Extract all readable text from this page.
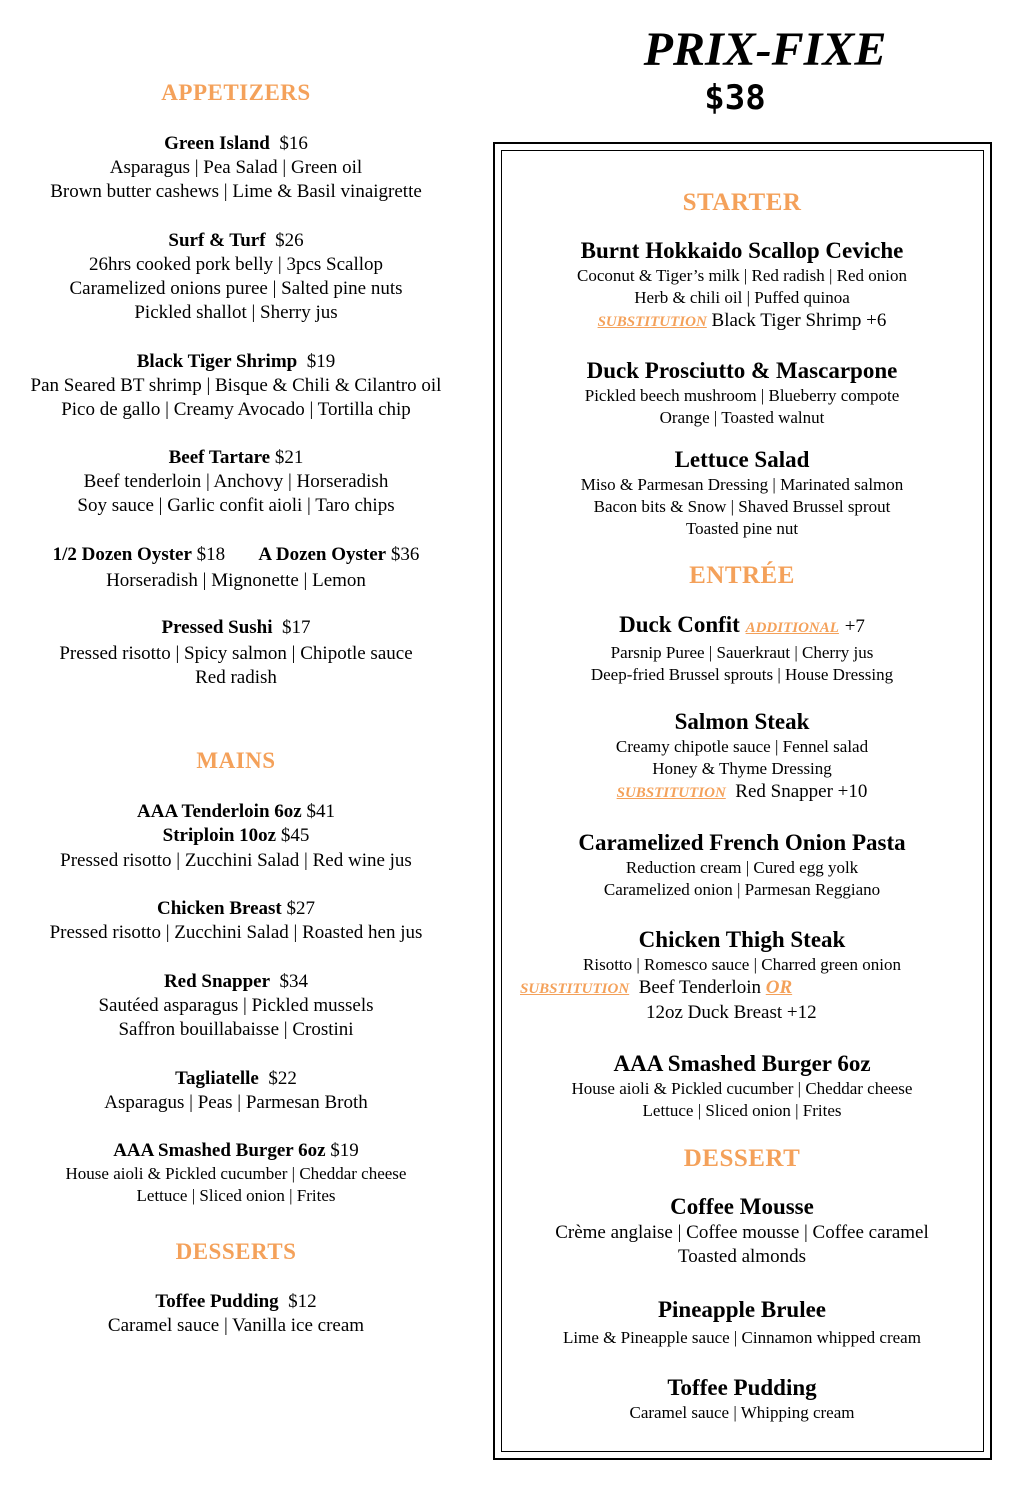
PRIX-FIXE
$38
APPETIZERS
Green Island $16
Asparagus | Pea Salad | Green oil
Brown butter cashews | Lime & Basil vinaigrette
Surf & Turf $26
26hrs cooked pork belly | 3pcs Scallop
Caramelized onions puree | Salted pine nuts
Pickled shallot | Sherry jus
Black Tiger Shrimp $19
Pan Seared BT shrimp | Bisque & Chili & Cilantro oil
Pico de gallo | Creamy Avocado | Tortilla chip
Beef Tartare $21
Beef tenderloin | Anchovy | Horseradish
Soy sauce | Garlic confit aioli | Taro chips
1/2 Dozen Oyster $18 A Dozen Oyster $36
Horseradish | Mignonette | Lemon
Pressed Sushi $17
Pressed risotto | Spicy salmon | Chipotle sauce
Red radish
MAINS
AAA Tenderloin 6oz $41
Striploin 10oz $45
Pressed risotto | Zucchini Salad | Red wine jus
Chicken Breast $27
Pressed risotto | Zucchini Salad | Roasted hen jus
Red Snapper $34
Sautéed asparagus | Pickled mussels
Saffron bouillabaisse | Crostini
Tagliatelle $22
Asparagus | Peas | Parmesan Broth
AAA Smashed Burger 6oz $19
House aioli & Pickled cucumber | Cheddar cheese
Lettuce | Sliced onion | Frites
DESSERTS
Toffee Pudding $12
Caramel sauce | Vanilla ice cream
STARTER
Burnt Hokkaido Scallop Ceviche
Coconut & Tiger’s milk | Red radish | Red onion
Herb & chili oil | Puffed quinoa
SUBSTITUTION Black Tiger Shrimp +6
Duck Prosciutto & Mascarpone
Pickled beech mushroom | Blueberry compote
Orange | Toasted walnut
Lettuce Salad
Miso & Parmesan Dressing | Marinated salmon
Bacon bits & Snow | Shaved Brussel sprout
Toasted pine nut
ENTRÉE
Duck Confit ADDITIONAL +7
Parsnip Puree | Sauerkraut | Cherry jus
Deep-fried Brussel sprouts | House Dressing
Salmon Steak
Creamy chipotle sauce | Fennel salad
Honey & Thyme Dressing
SUBSTITUTION Red Snapper +10
Caramelized French Onion Pasta
Reduction cream | Cured egg yolk
Caramelized onion | Parmesan Reggiano
Chicken Thigh Steak
Risotto | Romesco sauce | Charred green onion
SUBSTITUTION Beef Tenderloin OR
12oz Duck Breast +12
AAA Smashed Burger 6oz
House aioli & Pickled cucumber | Cheddar cheese
Lettuce | Sliced onion | Frites
DESSERT
Coffee Mousse
Crème anglaise | Coffee mousse | Coffee caramel
Toasted almonds
Pineapple Brulee
Lime & Pineapple sauce | Cinnamon whipped cream
Toffee Pudding
Caramel sauce | Whipping cream
